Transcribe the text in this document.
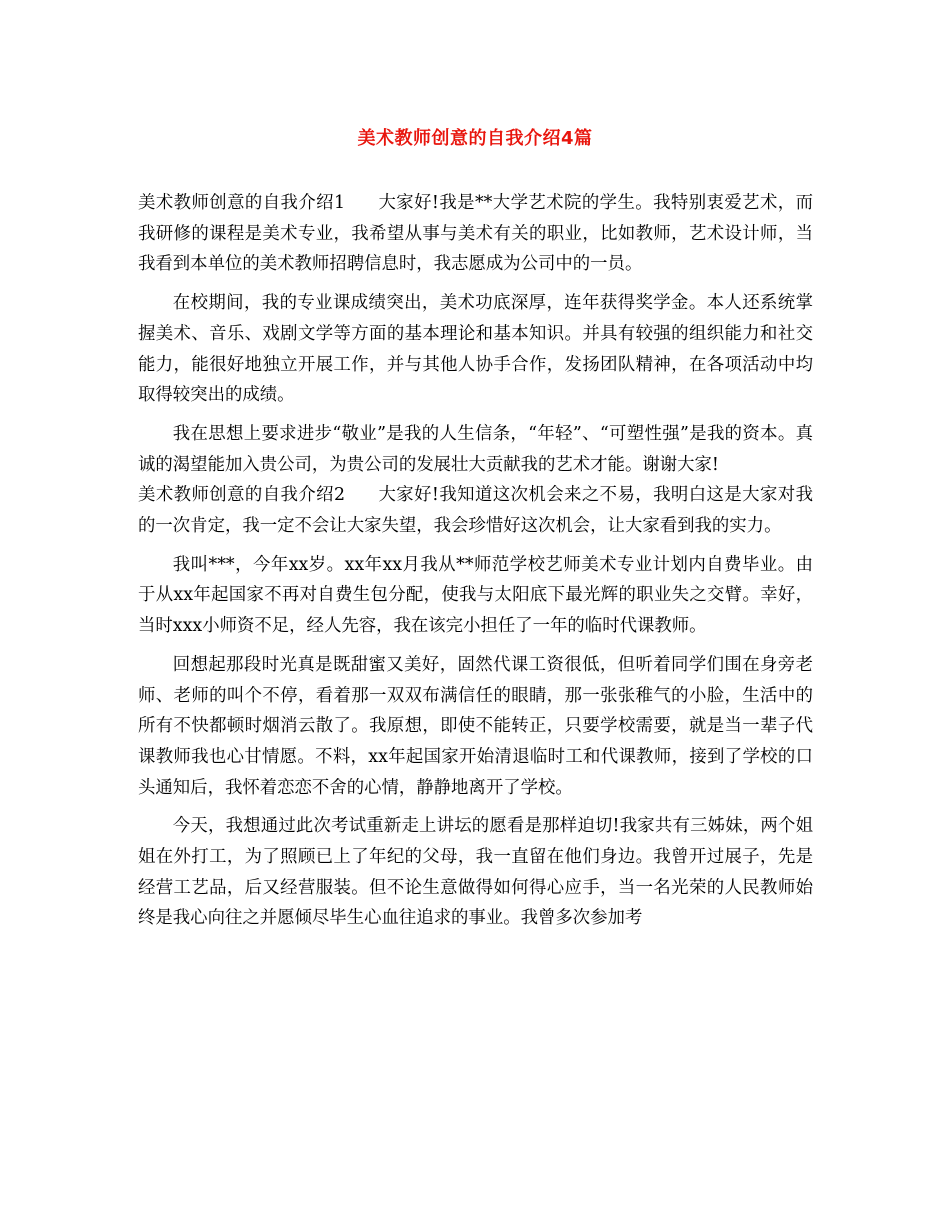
美术教师创意的自我介绍4篇

美术教师创意的自我介绍1 大家好!我是**大学艺术院的学生。我特别衷爱艺术，而我研修的课程是美术专业，我希望从事与美术有关的职业，比如教师，艺术设计师，当我看到本单位的美术教师招聘信息时，我志愿成为公司中的一员。

在校期间，我的专业课成绩突出，美术功底深厚，连年获得奖学金。本人还系统掌握美术、音乐、戏剧文学等方面的基本理论和基本知识。并具有较强的组织能力和社交能力，能很好地独立开展工作，并与其他人协手合作，发扬团队精神，在各项活动中均取得较突出的成绩。

我在思想上要求进步“敬业”是我的人生信条，“年轻”、“可塑性强”是我的资本。真诚的渴望能加入贵公司，为贵公司的发展壮大贡献我的艺术才能。谢谢大家!

美术教师创意的自我介绍2 大家好!我知道这次机会来之不易，我明白这是大家对我的一次肯定，我一定不会让大家失望，我会珍惜好这次机会，让大家看到我的实力。

我叫***，今年xx岁。xx年xx月我从**师范学校艺师美术专业计划内自费毕业。由于从xx年起国家不再对自费生包分配，使我与太阳底下最光辉的职业失之交臂。幸好，当时xxx小师资不足，经人先容，我在该完小担任了一年的临时代课教师。

回想起那段时光真是既甜蜜又美好，固然代课工资很低，但听着同学们围在身旁老师、老师的叫个不停，看着那一双双布满信任的眼睛，那一张张稚气的小脸，生活中的所有不快都顿时烟消云散了。我原想，即使不能转正，只要学校需要，就是当一辈子代课教师我也心甘情愿。不料，xx年起国家开始清退临时工和代课教师，接到了学校的口头通知后，我怀着恋恋不舍的心情，静静地离开了学校。

今天，我想通过此次考试重新走上讲坛的愿看是那样迫切!我家共有三姊妹，两个姐姐在外打工，为了照顾已上了年纪的父母，我一直留在他们身边。我曾开过展子，先是经营工艺品，后又经营服装。但不论生意做得如何得心应手，当一名光荣的人民教师始终是我心向往之并愿倾尽毕生心血往追求的事业。我曾多次参加考
